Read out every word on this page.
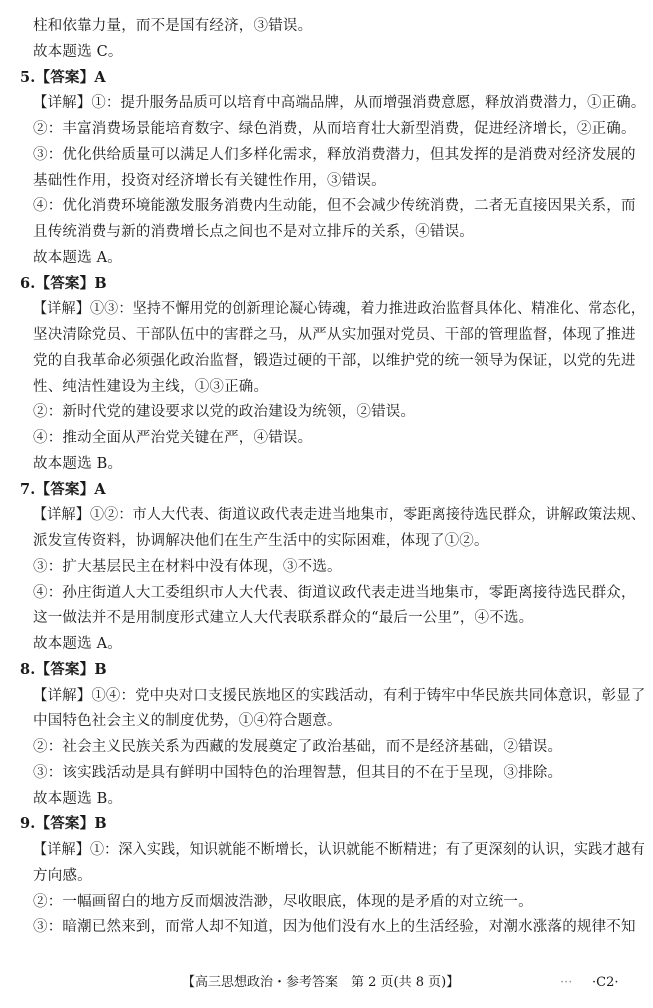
柱和依靠力量，而不是国有经济，③错误。
故本题选 C。
5.【答案】A
【详解】①：提升服务品质可以培育中高端品牌，从而增强消费意愿，释放消费潜力，①正确。
②：丰富消费场景能培育数字、绿色消费，从而培育壮大新型消费，促进经济增长，②正确。
③：优化供给质量可以满足人们多样化需求，释放消费潜力，但其发挥的是消费对经济发展的
基础性作用，投资对经济增长有关键性作用，③错误。
④：优化消费环境能激发服务消费内生动能，但不会减少传统消费，二者无直接因果关系，而
且传统消费与新的消费增长点之间也不是对立排斥的关系，④错误。
故本题选 A。
6.【答案】B
【详解】①③：坚持不懈用党的创新理论凝心铸魂，着力推进政治监督具体化、精准化、常态化，
坚决清除党员、干部队伍中的害群之马，从严从实加强对党员、干部的管理监督，体现了推进
党的自我革命必须强化政治监督，锻造过硬的干部，以维护党的统一领导为保证，以党的先进
性、纯洁性建设为主线，①③正确。
②：新时代党的建设要求以党的政治建设为统领，②错误。
④：推动全面从严治党关键在严，④错误。
故本题选 B。
7.【答案】A
【详解】①②：市人大代表、街道议政代表走进当地集市，零距离接待选民群众，讲解政策法规、
派发宣传资料，协调解决他们在生产生活中的实际困难，体现了①②。
③：扩大基层民主在材料中没有体现，③不选。
④：孙庄街道人大工委组织市人大代表、街道议政代表走进当地集市，零距离接待选民群众，
这一做法并不是用制度形式建立人大代表联系群众的“最后一公里”，④不选。
故本题选 A。
8.【答案】B
【详解】①④：党中央对口支援民族地区的实践活动，有利于铸牢中华民族共同体意识，彰显了
中国特色社会主义的制度优势，①④符合题意。
②：社会主义民族关系为西藏的发展奠定了政治基础，而不是经济基础，②错误。
③：该实践活动是具有鲜明中国特色的治理智慧，但其目的不在于呈现，③排除。
故本题选 B。
9.【答案】B
【详解】①：深入实践，知识就能不断增长，认识就能不断精进；有了更深刻的认识，实践才越有
方向感。
②：一幅画留白的地方反而烟波浩渺，尽收眼底，体现的是矛盾的对立统一。
③：暗潮已然来到，而常人却不知道，因为他们没有水上的生活经验，对潮水涨落的规律不知
【高三思想政治・参考答案　第 2 页(共 8 页)】	··· ·C2·
